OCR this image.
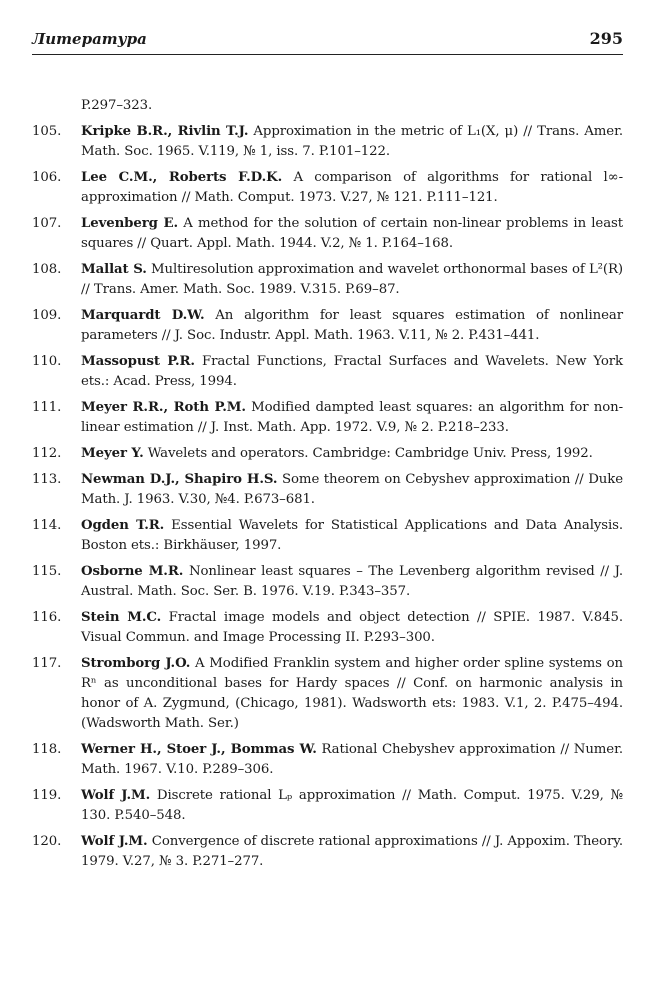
Литература	295
P.297–323.
105.	Kripke B.R., Rivlin T.J. Approximation in the metric of L₁(X, μ) // Trans. Amer. Math. Soc. 1965. V.119, № 1, iss. 7. P.101–122.
106.	Lee C.M., Roberts F.D.K. A comparison of algorithms for rational l∞-approximation // Math. Comput. 1973. V.27, № 121. P.111–121.
107.	Levenberg E. A method for the solution of certain non-linear problems in least squares // Quart. Appl. Math. 1944. V.2, № 1. P.164–168.
108.	Mallat S. Multiresolution approximation and wavelet orthonormal bases of L²(R) // Trans. Amer. Math. Soc. 1989. V.315. P.69–87.
109.	Marquardt D.W. An algorithm for least squares estimation of nonlinear parameters // J. Soc. Industr. Appl. Math. 1963. V.11, № 2. P.431–441.
110.	Massopust P.R. Fractal Functions, Fractal Surfaces and Wavelets. New York ets.: Acad. Press, 1994.
111.	Meyer R.R., Roth P.M. Modified dampted least squares: an algorithm for non-linear estimation // J. Inst. Math. App. 1972. V.9, № 2. P.218–233.
112.	Meyer Y. Wavelets and operators. Cambridge: Cambridge Univ. Press, 1992.
113.	Newman D.J., Shapiro H.S. Some theorem on Cebyshev approximation // Duke Math. J. 1963. V.30, №4. P.673–681.
114.	Ogden T.R. Essential Wavelets for Statistical Applications and Data Analysis. Boston ets.: Birkhäuser, 1997.
115.	Osborne M.R. Nonlinear least squares – The Levenberg algorithm revised // J. Austral. Math. Soc. Ser. B. 1976. V.19. P.343–357.
116.	Stein M.C. Fractal image models and object detection // SPIE. 1987. V.845. Visual Commun. and Image Processing II. P.293–300.
117.	Stromborg J.O. A Modified Franklin system and higher order spline systems on Rⁿ as unconditional bases for Hardy spaces // Conf. on harmonic analysis in honor of A. Zygmund, (Chicago, 1981). Wadsworth ets: 1983. V.1, 2. P.475–494. (Wadsworth Math. Ser.)
118.	Werner H., Stoer J., Bommas W. Rational Chebyshev approximation // Numer. Math. 1967. V.10. P.289–306.
119.	Wolf J.M. Discrete rational Lₚ approximation // Math. Comput. 1975. V.29, № 130. P.540–548.
120.	Wolf J.M. Convergence of discrete rational approximations // J. Appoxim. Theory. 1979. V.27, № 3. P.271–277.
